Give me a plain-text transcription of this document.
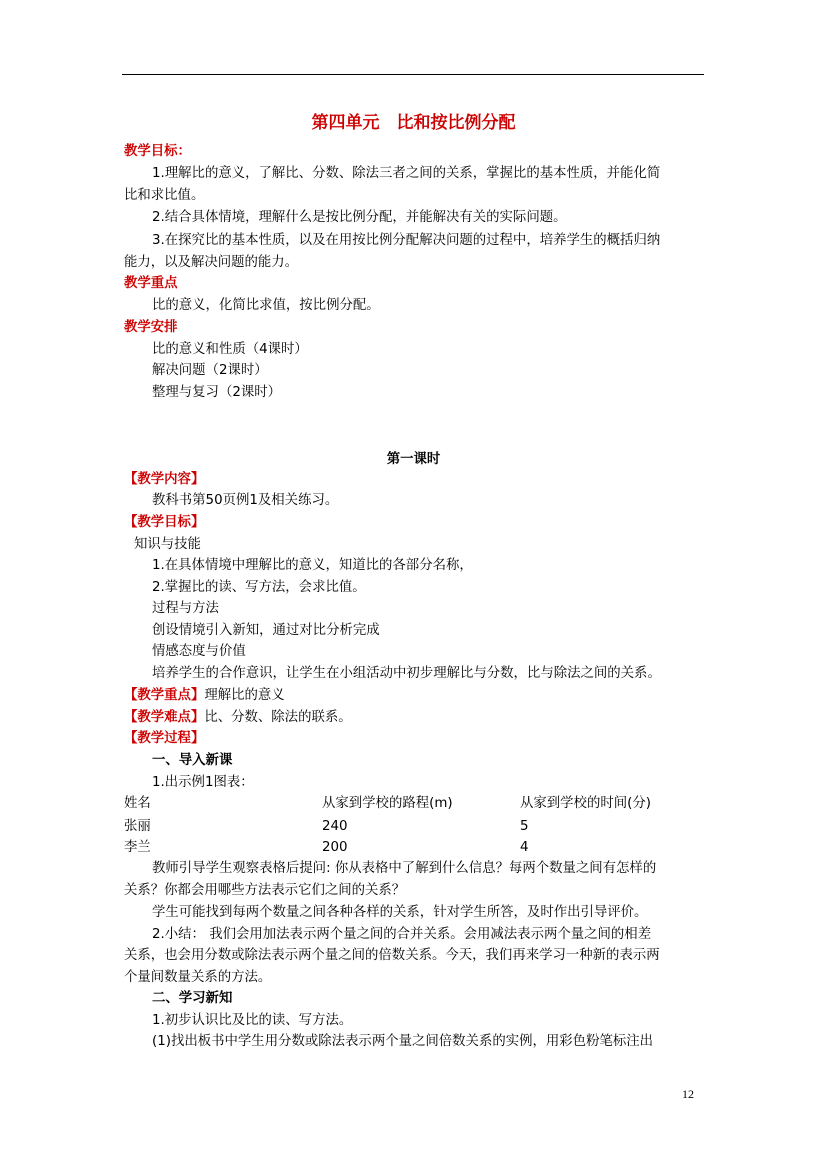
第四单元　比和按比例分配
教学目标：
1.理解比的意义，了解比、分数、除法三者之间的关系，掌握比的基本性质，并能化简
比和求比值。
2.结合具体情境，理解什么是按比例分配，并能解决有关的实际问题。
3.在探究比的基本性质，以及在用按比例分配解决问题的过程中，培养学生的概括归纳
能力，以及解决问题的能力。
教学重点
比的意义，化简比求值，按比例分配。
教学安排
比的意义和性质（4课时）
解决问题（2课时）
整理与复习（2课时）
第一课时
【教学内容】
教科书第50页例1及相关练习。
【教学目标】
知识与技能
1.在具体情境中理解比的意义，知道比的各部分名称，
2.掌握比的读、写方法，会求比值。
过程与方法
创设情境引入新知，通过对比分析完成
情感态度与价值
培养学生的合作意识，让学生在小组活动中初步理解比与分数，比与除法之间的关系。
【教学重点】理解比的意义
【教学难点】比、分数、除法的联系。
【教学过程】
一、导入新课
1.出示例1图表：
姓名	从家到学校的路程(m)	从家到学校的时间(分)
张丽	240	5
李兰	200	4
教师引导学生观察表格后提问: 你从表格中了解到什么信息？每两个数量之间有怎样的
关系？你都会用哪些方法表示它们之间的关系？
学生可能找到每两个数量之间各种各样的关系，针对学生所答，及时作出引导评价。
2.小结： 我们会用加法表示两个量之间的合并关系。会用减法表示两个量之间的相差
关系，也会用分数或除法表示两个量之间的倍数关系。今天，我们再来学习一种新的表示两
个量间数量关系的方法。
二、学习新知
1.初步认识比及比的读、写方法。
(1)找出板书中学生用分数或除法表示两个量之间倍数关系的实例，用彩色粉笔标注出
12
